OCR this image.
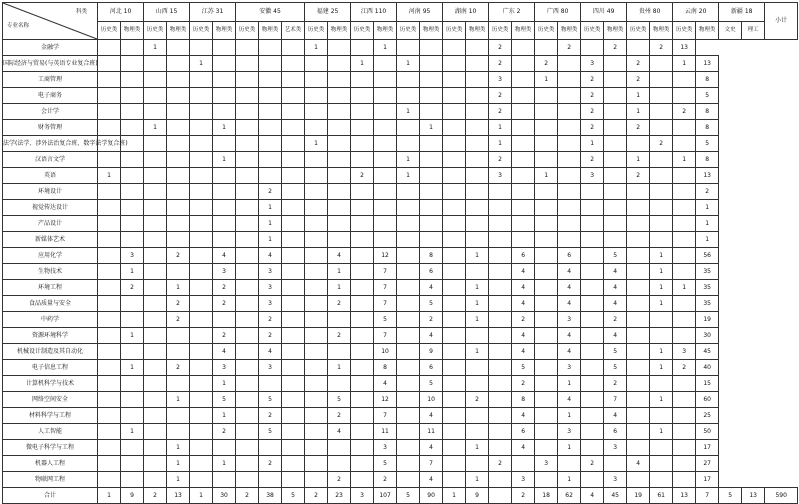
专业名称
科类	河北 10		山西 15		江苏 31		安徽 45			福建 25		江西 110		河南 95		湖南 10		广东 2		广西 80		四川 49		贵州 80		云南 20		新疆 18		小计
	历史类	物理类	历史类	物理类	历史类	物理类	历史类	物理类	艺术类	历史类	物理类	历史类	物理类	历史类	物理类	历史类	物理类	历史类	物理类	历史类	物理类	历史类	物理类	历史类	物理类	历史类	物理类	文史	理工	
金融学			1							1			1					2			2		2		2	13				
国际经济与贸易(与英语专业复合班)					1							1		1				2		2		3		2		1	13			
工商管理																		3		1		2		2			8			
电子商务																		2				2		1			5			
会计学														1				2				2		1		2	8			
财务管理			1			1									1			1				2		2			8			
法学(法学、涉外法治复合班、数字法学复合班)										1								1				1			2		5			
汉语言文学						1								1				2				2		1		1	8			
英语	1											2		1				3		1		3		2			13			
环境设计								2																			2			
视觉传达设计								1																			1			
产品设计								1																			1			
新媒体艺术								1																			1			
应用化学		3		2		4		4			4		12		8		1		6		6		5		1		56			
生物技术		1				3		3			1		7		6				4		4		4		1		35			
环境工程		2		1		2		3			1		7		4		1		4		4		4		1	1	35			
食品质量与安全				2		2		3			2		7		5		1		4		4		4		1		35			
中药学				2				2					5		2		1		2		3		2				19			
资源环境科学		1				2		2			2		7		4				4		4		4				30			
机械设计制造及其自动化						4		4					10		9		1		4		4		5		1	3	45			
电子信息工程		1		2		3		3			1		8		6				5		3		5		1	2	40			
计算机科学与技术						1							4		5				2		1		2				15			
网络空间安全				1		5		5			5		12		10		2		8		4		7		1		60			
材料科学与工程						1		2			2		7		4				4		1		4				25			
人工智能		1				2		5			4		11		11				6		3		6		1		50			
微电子科学与工程				1									3		4		1		4		1		3				17			
机器人工程				1		1		2					5		7			2		3		2		4			27			
物联网工程				1							2		2		4		1		3		1		3				17			
合计	1	9	2	13	1	30	2	38	5	2	23	3	107	5	90	1	9		2	18	62	4	45	19	61	13	7	5	13	590
